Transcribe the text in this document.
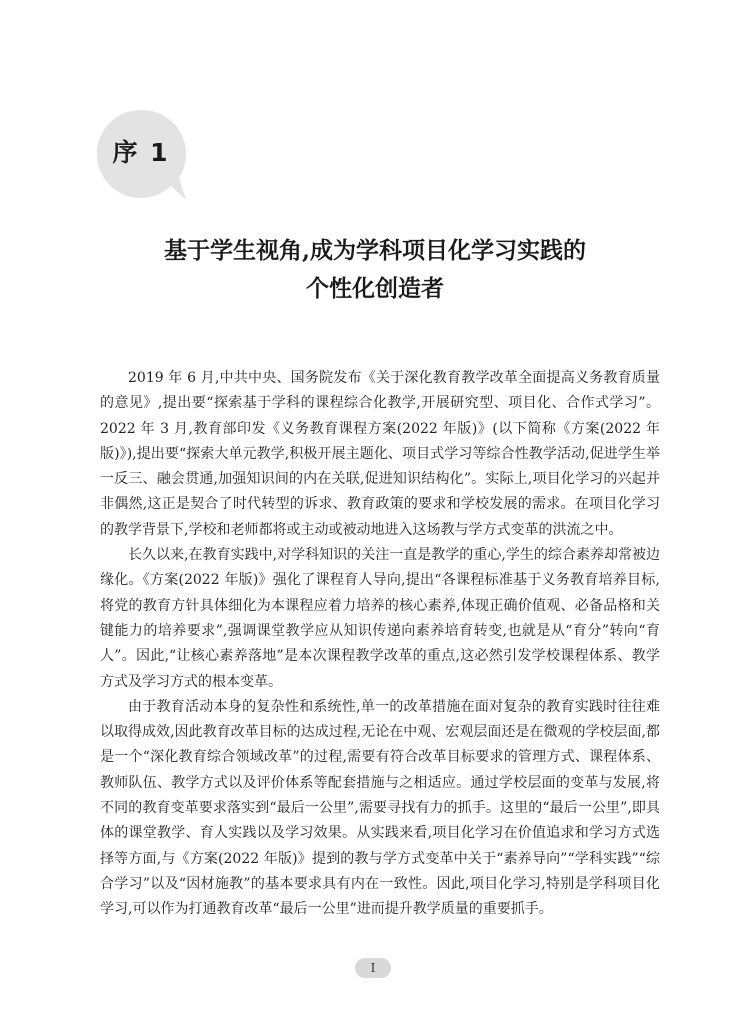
序 1
基于学生视角,成为学科项目化学习实践的
个性化创造者

2019 年 6 月,中共中央、国务院发布《关于深化教育教学改革全面提高义务教育质量的意见》,提出要“探索基于学科的课程综合化教学,开展研究型、项目化、合作式学习”。2022 年 3 月,教育部印发《义务教育课程方案(2022 年版)》(以下简称《方案(2022 年版)》),提出要“探索大单元教学,积极开展主题化、项目式学习等综合性教学活动,促进学生举一反三、融会贯通,加强知识间的内在关联,促进知识结构化”。实际上,项目化学习的兴起并非偶然,这正是契合了时代转型的诉求、教育政策的要求和学校发展的需求。在项目化学习的教学背景下,学校和老师都将或主动或被动地进入这场教与学方式变革的洪流之中。

长久以来,在教育实践中,对学科知识的关注一直是教学的重心,学生的综合素养却常被边缘化。《方案(2022 年版)》强化了课程育人导向,提出“各课程标准基于义务教育培养目标,将党的教育方针具体细化为本课程应着力培养的核心素养,体现正确价值观、必备品格和关键能力的培养要求”,强调课堂教学应从知识传递向素养培育转变,也就是从“育分”转向“育人”。因此,“让核心素养落地”是本次课程教学改革的重点,这必然引发学校课程体系、教学方式及学习方式的根本变革。

由于教育活动本身的复杂性和系统性,单一的改革措施在面对复杂的教育实践时往往难以取得成效,因此教育改革目标的达成过程,无论在中观、宏观层面还是在微观的学校层面,都是一个“深化教育综合领域改革”的过程,需要有符合改革目标要求的管理方式、课程体系、教师队伍、教学方式以及评价体系等配套措施与之相适应。通过学校层面的变革与发展,将不同的教育变革要求落实到“最后一公里”,需要寻找有力的抓手。这里的“最后一公里”,即具体的课堂教学、育人实践以及学习效果。从实践来看,项目化学习在价值追求和学习方式选择等方面,与《方案(2022 年版)》提到的教与学方式变革中关于“素养导向”“学科实践”“综合学习”以及“因材施教”的基本要求具有内在一致性。因此,项目化学习,特别是学科项目化学习,可以作为打通教育改革“最后一公里”进而提升教学质量的重要抓手。

I
